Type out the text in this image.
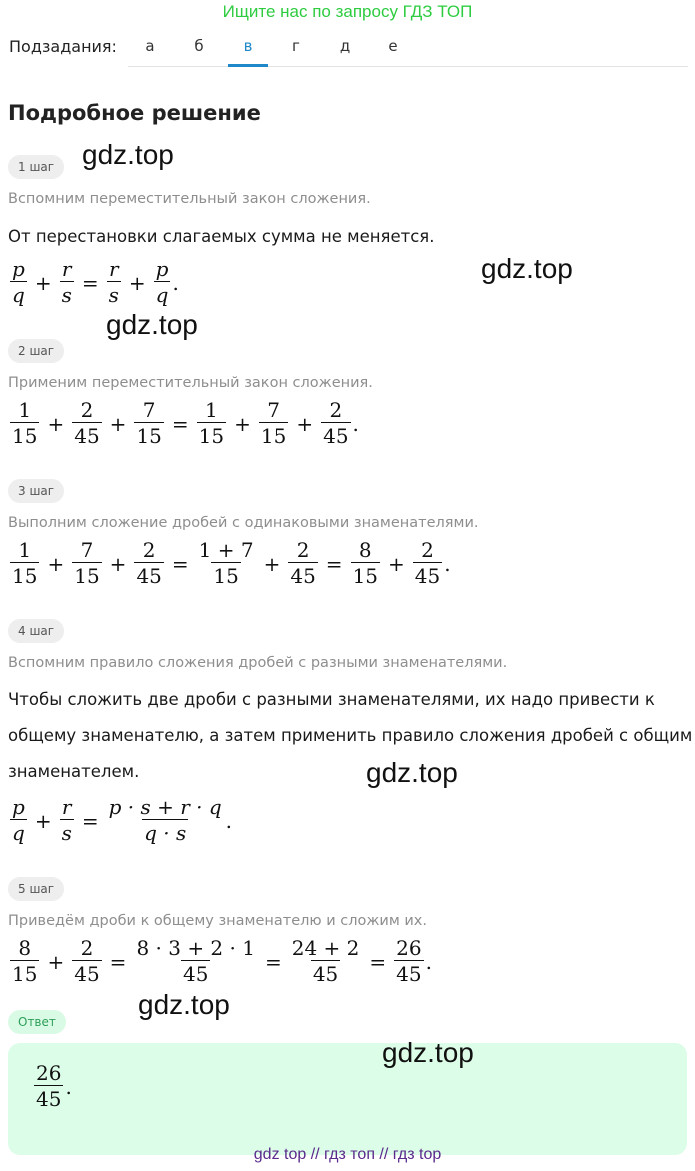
Ищите нас по запросу ГДЗ ТОП
Подзадания:	а	б	в	г	д	е
Подробное решение
1 шаг gdz.top
Вспомним переместительный закон сложения.
От перестановки слагаемых сумма не меняется.
$\frac{p}{q} + \frac{r}{s} = \frac{r}{s} + \frac{p}{q}$ .	gdz.top
gdz.top
2 шаг
Применим переместительный закон сложения.
$\frac{1}{15} + \frac{2}{45} + \frac{7}{15} = \frac{1}{15} + \frac{7}{15} + \frac{2}{45}$ .
3 шаг
Выполним сложение дробей с одинаковыми знаменателями.
$\frac{1}{15} + \frac{7}{15} + \frac{2}{45} = \frac{1 + 7}{15} + \frac{2}{45} = \frac{8}{15} + \frac{2}{45}$ .
4 шаг
Вспомним правило сложения дробей с разными знаменателями.
Чтобы сложить две дроби с разными знаменателями, их надо привести к
общему знаменателю, а затем применить правило сложения дробей с общим
знаменателем.	gdz.top
$\frac{p}{q} + \frac{r}{s} = \frac{p \cdot s + r \cdot q}{q \cdot s}$ .
5 шаг
Приведём дроби к общему знаменателю и сложим их.
$\frac{8}{15} + \frac{2}{45} = \frac{8 \cdot 3 + 2 \cdot 1}{45} = \frac{24 + 2}{45} = \frac{26}{45}$ .
gdz.top
Ответ
gdz.top
$\frac{26}{45}$ .
gdz top // гдз топ // гдз top
